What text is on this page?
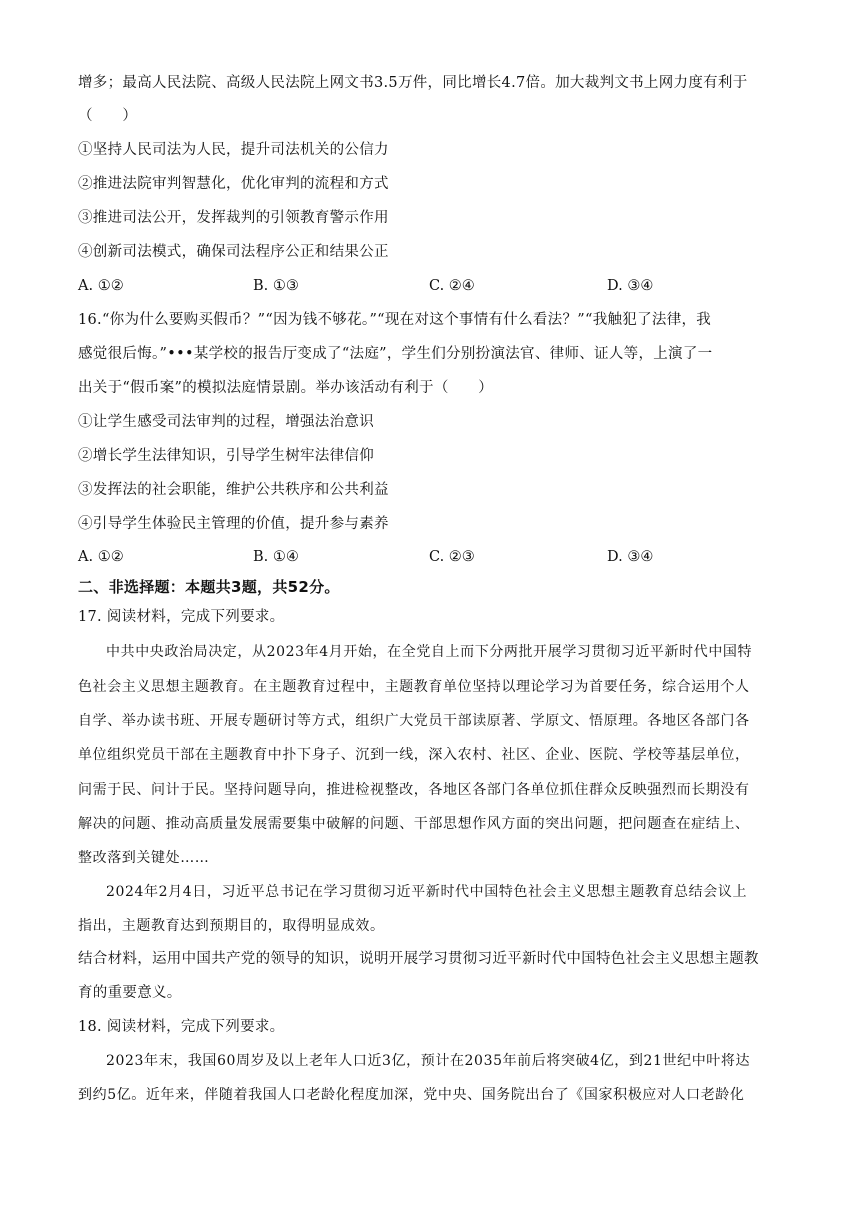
增多；最高人民法院、高级人民法院上网文书3.5万件，同比增长4.7倍。加大裁判文书上网力度有利于
（　　）
①坚持人民司法为人民，提升司法机关的公信力
②推进法院审判智慧化，优化审判的流程和方式
③推进司法公开，发挥裁判的引领教育警示作用
④创新司法模式，确保司法程序公正和结果公正
A. ①②	B. ①③	C. ②④	D. ③④
16.“你为什么要购买假币？”“因为钱不够花。”“现在对这个事情有什么看法？”“我触犯了法律，我
感觉很后悔。”•••某学校的报告厅变成了“法庭”，学生们分别扮演法官、律师、证人等，上演了一
出关于“假币案”的模拟法庭情景剧。举办该活动有利于（　　）
①让学生感受司法审判的过程，增强法治意识
②增长学生法律知识，引导学生树牢法律信仰
③发挥法的社会职能，维护公共秩序和公共利益
④引导学生体验民主管理的价值，提升参与素养
A. ①②	B. ①④	C. ②③	D. ③④
二、非选择题：本题共3题，共52分。
17. 阅读材料，完成下列要求。
中共中央政治局决定，从2023年4月开始，在全党自上而下分两批开展学习贯彻习近平新时代中国特
色社会主义思想主题教育。在主题教育过程中，主题教育单位坚持以理论学习为首要任务，综合运用个人
自学、举办读书班、开展专题研讨等方式，组织广大党员干部读原著、学原文、悟原理。各地区各部门各
单位组织党员干部在主题教育中扑下身子、沉到一线，深入农村、社区、企业、医院、学校等基层单位，
问需于民、问计于民。坚持问题导向，推进检视整改，各地区各部门各单位抓住群众反映强烈而长期没有
解决的问题、推动高质量发展需要集中破解的问题、干部思想作风方面的突出问题，把问题查在症结上、
整改落到关键处……
2024年2月4日，习近平总书记在学习贯彻习近平新时代中国特色社会主义思想主题教育总结会议上
指出，主题教育达到预期目的，取得明显成效。
结合材料，运用中国共产党的领导的知识，说明开展学习贯彻习近平新时代中国特色社会主义思想主题教
育的重要意义。
18. 阅读材料，完成下列要求。
2023年末，我国60周岁及以上老年人口近3亿，预计在2035年前后将突破4亿，到21世纪中叶将达
到约5亿。近年来，伴随着我国人口老龄化程度加深，党中央、国务院出台了《国家积极应对人口老龄化
